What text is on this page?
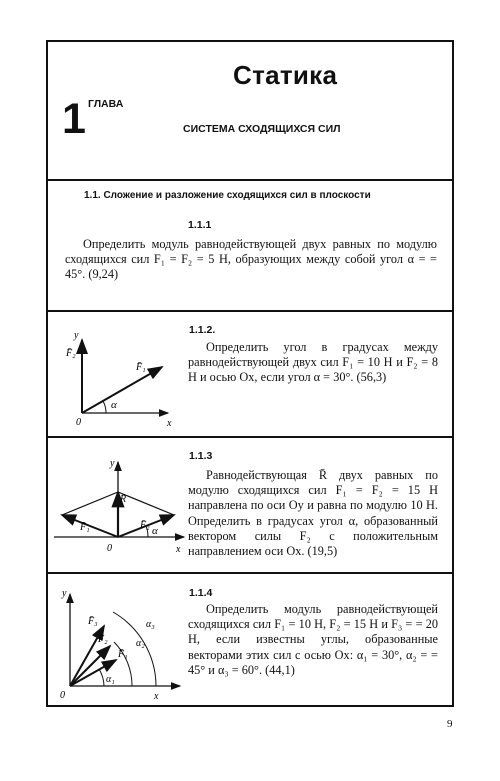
Статика
1 ГЛАВА
СИСТЕМА СХОДЯЩИХСЯ СИЛ
1.1. Сложение и разложение сходящихся сил в плоскости
1.1.1

Определить модуль равнодействующей двух равных по модулю сходящихся сил F₁ = F₂ = 5 Н, образующих между собой угол α = = 45°. (9,24)

y
F̄₂
F̄₁
α
0	x
1.1.2.

Определить угол в градусах между равнодействующей двух сил F₁ = 10 Н и F₂ = 8 Н и осью Ox, если угол α = 30°. (56,3)

y
R̄
F̄₁	F̄₂ α
0	x
1.1.3

Равнодействующая R̄ двух равных по модулю сходящихся сил F₁ = F₂ = 15 Н направлена по оси Oy и равна по модулю 10 Н. Определить в градусах угол α, образованный вектором силы F₂ с положительным направлением оси Ox. (19,5)

y
F̄₁
F̄₂
F̄₃
α₁
α₂
α₃
0	x
1.1.4

Определить модуль равнодействующей сходящихся сил F₁ = 10 Н, F₂ = 15 Н и F₃ = = 20 Н, если известны углы, образованные векторами этих сил с осью Ox: α₁ = 30°, α₂ = = 45° и α₃ = 60°. (44,1)

9
